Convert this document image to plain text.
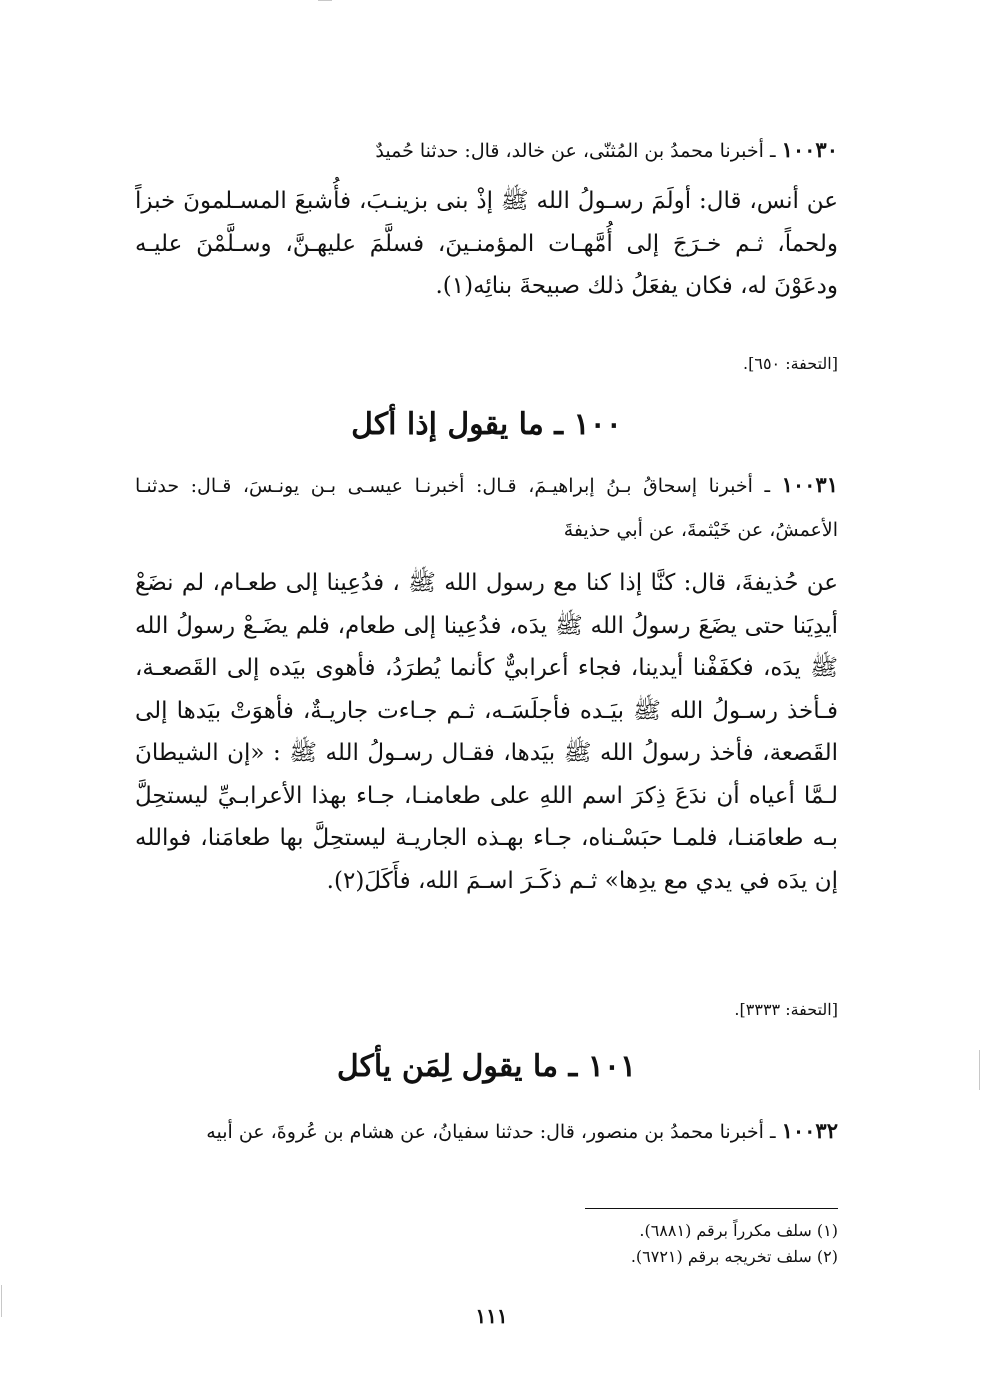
١٠٠٣٠ ـ أخبرنا محمدُ بن المُثنّى، عن خالد، قال: حدثنا حُميدٌ
عن أنس، قال: أولَمَ رسـولُ الله ﷺ إذْ بنى بزينـبَ، فأُشبعَ المسـلمونَ خبزاً ولحماً، ثـم خـرَجَ إلى أُمَّهـات المؤمنـينَ، فسلَّمَ عليهـنَّ، وسـلَّمْنَ عليـه ودعَوْنَ له، فكان يفعَلُ ذلك صبيحةَ بنائِه(١).
[التحفة: ٦٥٠].
١٠٠ ـ ما يقول إذا أكل
١٠٠٣١ ـ أخبرنا إسحاقُ بـنُ إبراهيـمَ، قـال: أخبرنـا عيسـى بـن يونـسَ، قـال: حدثنـا الأعمشُ، عن خَيْثمةَ، عن أبي حذيفةَ
عن حُذيفةَ، قال: كنَّا إذا كنا مع رسول الله ﷺ ، فدُعِينا إلى طعـام، لم نضَعْ أيدِيَنا حتى يضَعَ رسولُ الله ﷺ يدَه، فدُعِينا إلى طعام، فلم يضَـعْ رسولُ الله ﷺ يدَه، فكفَفْنا أيدينا، فجاء أعرابيٌّ كأنما يُطرَدُ، فأهوى بيَده إلى القَصعـة، فـأخذ رسـولُ الله ﷺ بيَـده فأجلَسَـه، ثـم جـاءت جاريـةٌ، فأهوَتْ بيَدها إلى القَصعة، فأخذ رسولُ الله ﷺ بيَدها، فقـال رسـولُ الله ﷺ : «إن الشيطانَ لـمَّا أعياه أن ندَعَ ذِكرَ اسم اللهِ على طعامنـا، جـاء بهذا الأعرابـيِّ ليستحِلَّ بـه طعامَنـا، فلمـا حبَسْـناه، جـاء بهـذه الجاريـة ليستحِلَّ بها طعامَنا، فوالله إن يدَه في يدي مع يدِها» ثـم ذكَـرَ اسـمَ الله، فأَكَلَ(٢).
[التحفة: ٣٣٣٣].
١٠١ ـ ما يقول لِمَن يأكل
١٠٠٣٢ ـ أخبرنا محمدُ بن منصور، قال: حدثنا سفيانُ، عن هشام بن عُروةَ، عن أبيه
(١) سلف مكرراً برقم (٦٨٨١).
(٢) سلف تخريجه برقم (٦٧٢١).
١١١
